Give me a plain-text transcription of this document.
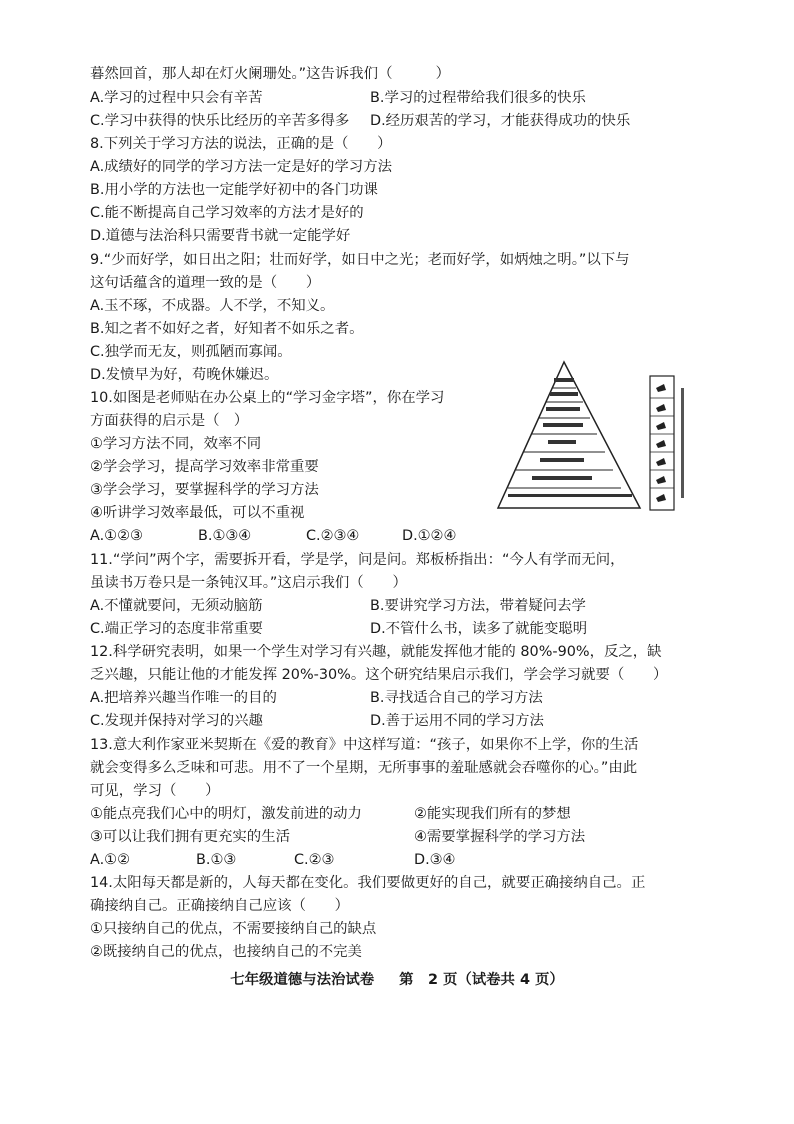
暮然回首，那人却在灯火阑珊处。”这告诉我们（　　　）
A.学习的过程中只会有辛苦	B.学习的过程带给我们很多的快乐
C.学习中获得的快乐比经历的辛苦多得多 D.经历艰苦的学习，才能获得成功的快乐
8.下列关于学习方法的说法，正确的是（　　）
A.成绩好的同学的学习方法一定是好的学习方法
B.用小学的方法也一定能学好初中的各门功课
C.能不断提高自己学习效率的方法才是好的
D.道德与法治科只需要背书就一定能学好
9.“少而好学，如日出之阳；壮而好学，如日中之光；老而好学，如炳烛之明。”以下与
这句话蕴含的道理一致的是（　　）
A.玉不琢，不成器。人不学，不知义。
B.知之者不如好之者，好知者不如乐之者。
C.独学而无友，则孤陋而寡闻。
D.发愤早为好，苟晚休嫌迟。
10.如图是老师贴在办公桌上的“学习金字塔”，你在学习
方面获得的启示是（　）
①学习方法不同，效率不同
②学会学习，提高学习效率非常重要
③学会学习，要掌握科学的学习方法
④听讲学习效率最低，可以不重视
A.①②③	B.①③④	C.②③④	D.①②④
11.“学问”两个字，需要拆开看，学是学，问是问。郑板桥指出：“今人有学而无问，
虽读书万卷只是一条钝汉耳。”这启示我们（　　）
A.不懂就要问，无须动脑筋	B.要讲究学习方法，带着疑问去学
C.端正学习的态度非常重要	D.不管什么书，读多了就能变聪明
12.科学研究表明，如果一个学生对学习有兴趣，就能发挥他才能的 80%-90%，反之，缺
乏兴趣，只能让他的才能发挥 20%-30%。这个研究结果启示我们，学会学习就要（　　）
A.把培养兴趣当作唯一的目的	B.寻找适合自己的学习方法
C.发现并保持对学习的兴趣	D.善于运用不同的学习方法
13.意大利作家亚米契斯在《爱的教育》中这样写道：“孩子，如果你不上学，你的生活
就会变得多么乏味和可悲。用不了一个星期，无所事事的羞耻感就会吞噬你的心。”由此
可见，学习（　　）
①能点亮我们心中的明灯，激发前进的动力	②能实现我们所有的梦想
③可以让我们拥有更充实的生活	④需要掌握科学的学习方法
A.①②	B.①③	C.②③	D.③④
14.太阳每天都是新的，人每天都在变化。我们要做更好的自己，就要正确接纳自己。正
确接纳自己。正确接纳自己应该（　　）
①只接纳自己的优点，不需要接纳自己的缺点
②既接纳自己的优点，也接纳自己的不完美
七年级道德与法治试卷 第　2 页（试卷共 4 页）
